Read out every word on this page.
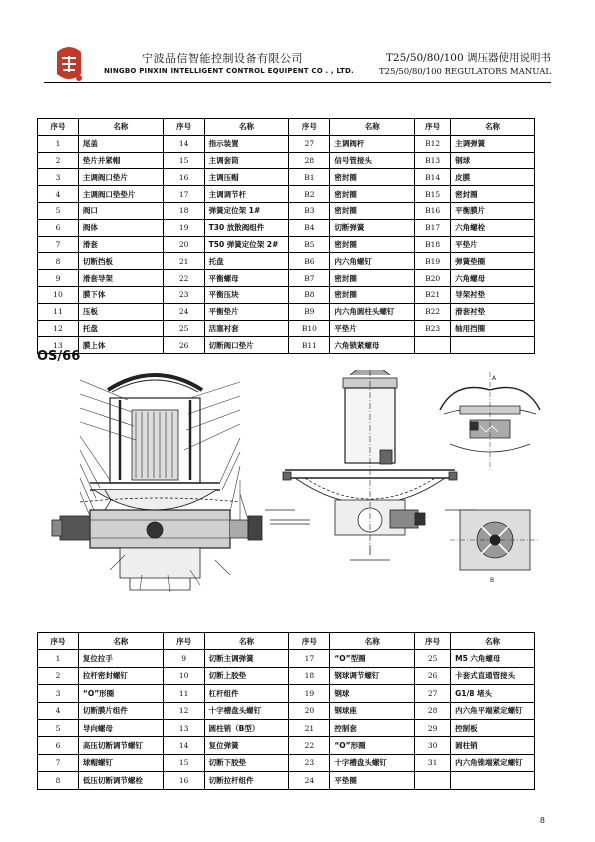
宁波品信智能控制设备有限公司
NINGBO PINXIN INTELLIGENT CONTROL EQUIPENT CO . , LTD.
T25/50/80/100 调压器使用说明书
T25/50/80/100 REGULATORS MANUAL
序号	名称	序号	名称	序号	名称	序号	名称
1	尾盖	14	指示装置	27	主调阀杆	B12	主调弹簧
2	垫片并紧帽	15	主调套筒	28	信号管接头	B13	钢球
3	主调阀口垫片	16	主调压帽	B1	密封圈	B14	皮膜
4	主调阀口垫垫片	17	主调调节杆	B2	密封圈	B15	密封圈
5	阀口	18	弹簧定位架 1#	B3	密封圈	B16	平衡膜片
6	阀体	19	T30 放散阀组件	B4	切断弹簧	B17	六角螺栓
7	滑套	20	T50 弹簧定位架 2#	B5	密封圈	B18	平垫片
8	切断挡板	21	托盘	B6	内六角螺钉	B19	弹簧垫圈
9	滑套导架	22	平衡螺母	B7	密封圈	B20	六角螺母
10	膜下体	23	平衡压块	B8	密封圈	B21	导架衬垫
11	压板	24	平衡垫片	B9	内六角圆柱头螺钉	B22	滑套衬垫
12	托盘	25	活塞衬套	B10	平垫片	B23	轴用挡圈
13	膜上体	26	切断阀口垫片	B11	六角锁紧螺母		
OS/66
A
B
序号	名称	序号	名称	序号	名称	序号	名称
1	复位拉手	9	切断主调弹簧	17	“O”型圈	25	M5 六角螺母
2	拉杆密封螺钉	10	切断上胶垫	18	钢球调节螺钉	26	卡套式直通管接头
3	“O”形圈	11	杠杆组件	19	钢球	27	G1/8 堵头
4	切断膜片组件	12	十字槽盘头螺钉	20	钢球座	28	内六角平端紧定螺钉
5	导向螺母	13	圆柱销（B型）	21	控制套	29	控制板
6	高压切断调节螺钉	14	复位弹簧	22	“O”形圈	30	圆柱销
7	球帽螺钉	15	切断下胶垫	23	十字槽盘头螺钉	31	内六角锥端紧定螺钉
8	低压切断调节螺栓	16	切断拉杆组件	24	平垫圈		
8
